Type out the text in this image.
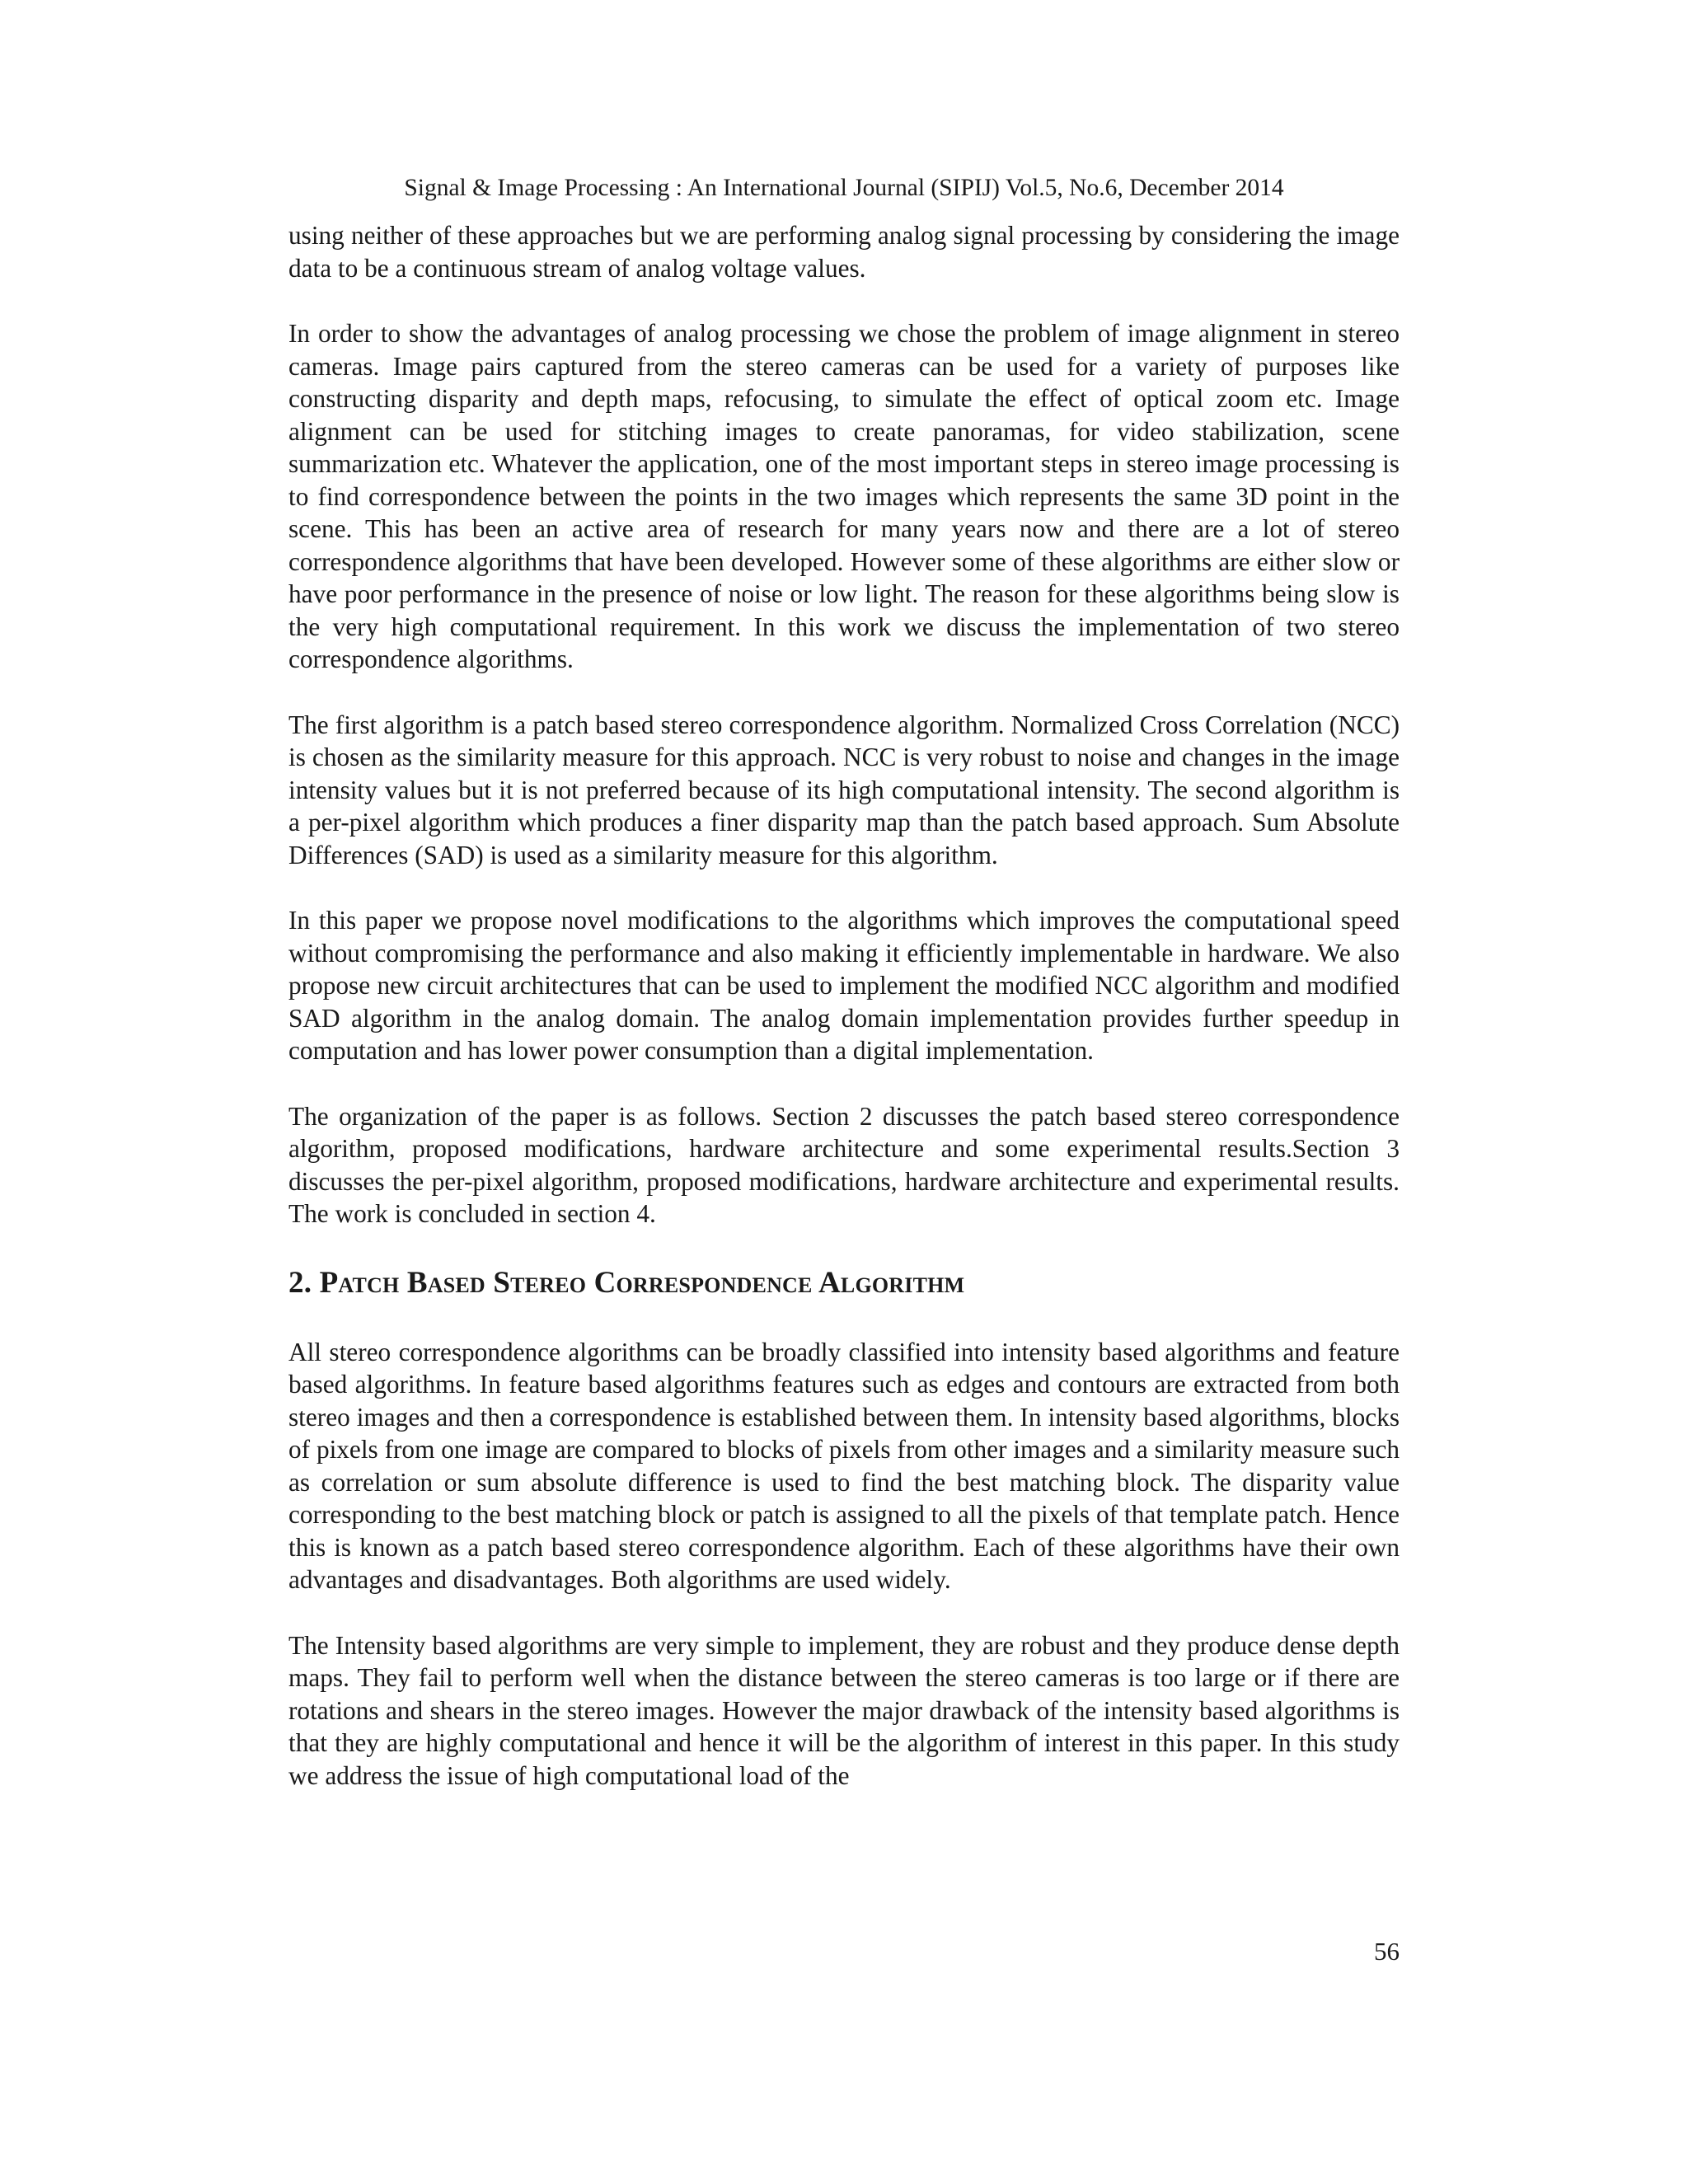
Signal & Image Processing : An International Journal (SIPIJ) Vol.5, No.6, December 2014

using neither of these approaches but we are performing analog signal processing by considering the image data to be a continuous stream of analog voltage values.

In order to show the advantages of analog processing we chose the problem of image alignment in stereo cameras. Image pairs captured from the stereo cameras can be used for a variety of purposes like constructing disparity and depth maps, refocusing, to simulate the effect of optical zoom etc. Image alignment can be used for stitching images to create panoramas, for video stabilization, scene summarization etc. Whatever the application, one of the most important steps in stereo image processing is to find correspondence between the points in the two images which represents the same 3D point in the scene. This has been an active area of research for many years now and there are a lot of stereo correspondence algorithms that have been developed. However some of these algorithms are either slow or have poor performance in the presence of noise or low light. The reason for these algorithms being slow is the very high computational requirement. In this work we discuss the implementation of two stereo correspondence algorithms.

The first algorithm is a patch based stereo correspondence algorithm. Normalized Cross Correlation (NCC) is chosen as the similarity measure for this approach. NCC is very robust to noise and changes in the image intensity values but it is not preferred because of its high computational intensity. The second algorithm is a per-pixel algorithm which produces a finer disparity map than the patch based approach. Sum Absolute Differences (SAD) is used as a similarity measure for this algorithm.

In this paper we propose novel modifications to the algorithms which improves the computational speed without compromising the performance and also making it efficiently implementable in hardware. We also propose new circuit architectures that can be used to implement the modified NCC algorithm and modified SAD algorithm in the analog domain. The analog domain implementation provides further speedup in computation and has lower power consumption than a digital implementation.

The organization of the paper is as follows. Section 2 discusses the patch based stereo correspondence algorithm, proposed modifications, hardware architecture and some experimental results.Section 3 discusses the per-pixel algorithm, proposed modifications, hardware architecture and experimental results. The work is concluded in section 4.

2. Patch Based Stereo Correspondence Algorithm

All stereo correspondence algorithms can be broadly classified into intensity based algorithms and feature based algorithms. In feature based algorithms features such as edges and contours are extracted from both stereo images and then a correspondence is established between them. In intensity based algorithms, blocks of pixels from one image are compared to blocks of pixels from other images and a similarity measure such as correlation or sum absolute difference is used to find the best matching block. The disparity value corresponding to the best matching block or patch is assigned to all the pixels of that template patch. Hence this is known as a patch based stereo correspondence algorithm. Each of these algorithms have their own advantages and disadvantages. Both algorithms are used widely.

The Intensity based algorithms are very simple to implement, they are robust and they produce dense depth maps. They fail to perform well when the distance between the stereo cameras is too large or if there are rotations and shears in the stereo images. However the major drawback of the intensity based algorithms is that they are highly computational and hence it will be the algorithm of interest in this paper. In this study we address the issue of high computational load of the

56
